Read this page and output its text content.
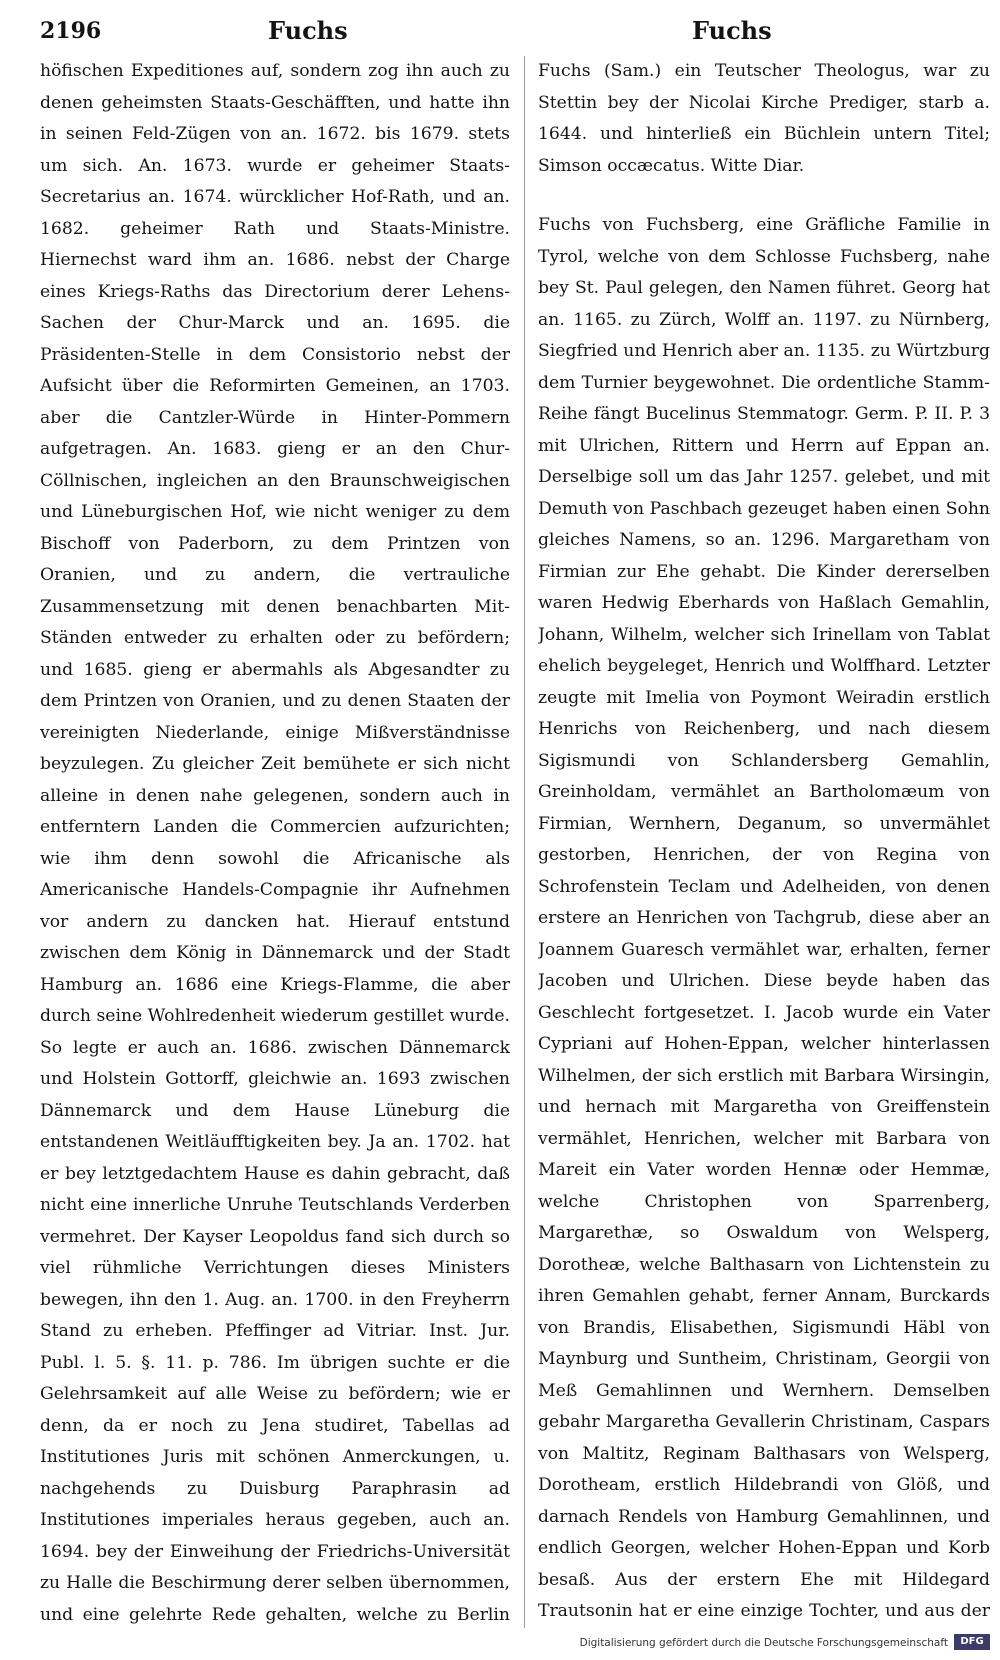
2196	Fuchs	Fuchs

höfischen Expeditiones auf, sondern zog ihn auch zu denen geheimsten Staats-Geschäfften, und hatte ihn in seinen Feld-Zügen von an. 1672. bis 1679. stets um sich. An. 1673. wurde er geheimer Staats-Secretarius an. 1674. würcklicher Hof-Rath, und an. 1682. geheimer Rath und Staats-Ministre. Hiernechst ward ihm an. 1686. nebst der Charge eines Kriegs-Raths das Directorium derer Lehens-Sachen der Chur-Marck und an. 1695. die Präsidenten-Stelle in dem Consistorio nebst der Aufsicht über die Reformirten Gemeinen, an 1703. aber die Cantzler-Würde in Hinter-Pommern aufgetragen. An. 1683. gieng er an den Chur-Cöllnischen, ingleichen an den Braunschweigischen und Lüneburgischen Hof, wie nicht weniger zu dem Bischoff von Paderborn, zu dem Printzen von Oranien, und zu andern, die vertrauliche Zusammensetzung mit denen benachbarten Mit-Ständen entweder zu erhalten oder zu befördern; und 1685. gieng er abermahls als Abgesandter zu dem Printzen von Oranien, und zu denen Staaten der vereinigten Niederlande, einige Mißverständnisse beyzulegen. Zu gleicher Zeit bemühete er sich nicht alleine in denen nahe gelegenen, sondern auch in entferntern Landen die Commercien aufzurichten; wie ihm denn sowohl die Africanische als Americanische Handels-Compagnie ihr Aufnehmen vor andern zu dancken hat. Hierauf entstund zwischen dem König in Dännemarck und der Stadt Hamburg an. 1686 eine Kriegs-Flamme, die aber durch seine Wohlredenheit wiederum gestillet wurde. So legte er auch an. 1686. zwischen Dännemarck und Holstein Gottorff, gleichwie an. 1693 zwischen Dännemarck und dem Hause Lüneburg die entstandenen Weitläufftigkeiten bey. Ja an. 1702. hat er bey letztgedachtem Hause es dahin gebracht, daß nicht eine innerliche Unruhe Teutschlands Verderben vermehret. Der Kayser Leopoldus fand sich durch so viel rühmliche Verrichtungen dieses Ministers bewegen, ihn den 1. Aug. an. 1700. in den Freyherrn Stand zu erheben. Pfeffinger ad Vitriar. Inst. Jur. Publ. l. 5. §. 11. p. 786. Im übrigen suchte er die Gelehrsamkeit auf alle Weise zu befördern; wie er denn, da er noch zu Jena studiret, Tabellas ad Institutiones Juris mit schönen Anmerckungen, u. nachgehends zu Duisburg Paraphrasin ad Institutiones imperiales heraus gegeben, auch an. 1694. bey der Einweihung der Friedrichs-Universität zu Halle die Beschirmung derer selben übernommen, und eine gelehrte Rede gehalten, welche zu Berlin

Fuchs (Sam.) ein Teutscher Theologus, war zu Stettin bey der Nicolai Kirche Prediger, starb a. 1644. und hinterließ ein Büchlein untern Titel; Simson occæcatus. Witte Diar.

Fuchs von Fuchsberg, eine Gräfliche Familie in Tyrol, welche von dem Schlosse Fuchsberg, nahe bey St. Paul gelegen, den Namen führet. Georg hat an. 1165. zu Zürch, Wolff an. 1197. zu Nürnberg, Siegfried und Henrich aber an. 1135. zu Würtzburg dem Turnier beygewohnet. Die ordentliche Stamm-Reihe fängt Bucelinus Stemmatogr. Germ. P. II. P. 3 mit Ulrichen, Rittern und Herrn auf Eppan an. Derselbige soll um das Jahr 1257. gelebet, und mit Demuth von Paschbach gezeuget haben einen Sohn gleiches Namens, so an. 1296. Margaretham von Firmian zur Ehe gehabt. Die Kinder dererselben waren Hedwig Eberhards von Haßlach Gemahlin, Johann, Wilhelm, welcher sich Irinellam von Tablat ehelich beygeleget, Henrich und Wolffhard. Letzter zeugte mit Imelia von Poymont Weiradin erstlich Henrichs von Reichenberg, und nach diesem Sigismundi von Schlandersberg Gemahlin, Greinholdam, vermählet an Bartholomæum von Firmian, Wernhern, Deganum, so unvermählet gestorben, Henrichen, der von Regina von Schrofenstein Teclam und Adelheiden, von denen erstere an Henrichen von Tachgrub, diese aber an Joannem Guaresch vermählet war, erhalten, ferner Jacoben und Ulrichen. Diese beyde haben das Geschlecht fortgesetzet. I. Jacob wurde ein Vater Cypriani auf Hohen-Eppan, welcher hinterlassen Wilhelmen, der sich erstlich mit Barbara Wirsingin, und hernach mit Margaretha von Greiffenstein vermählet, Henrichen, welcher mit Barbara von Mareit ein Vater worden Hennæ oder Hemmæ, welche Christophen von Sparrenberg, Margarethæ, so Oswaldum von Welsperg, Dorotheæ, welche Balthasarn von Lichtenstein zu ihren Gemahlen gehabt, ferner Annam, Burckards von Brandis, Elisabethen, Sigismundi Häbl von Maynburg und Suntheim, Christinam, Georgii von Meß Gemahlinnen und Wernhern. Demselben gebahr Margaretha Gevallerin Christinam, Caspars von Maltitz, Reginam Balthasars von Welsperg, Dorotheam, erstlich Hildebrandi von Glöß, und darnach Rendels von Hamburg Gemahlinnen, und endlich Georgen, welcher Hohen-Eppan und Korb besaß. Aus der erstern Ehe mit Hildegard Trautsonin hat er eine einzige Tochter, und aus der

Digitalisierung gefördert durch die Deutsche Forschungsgemeinschaft	DFG
